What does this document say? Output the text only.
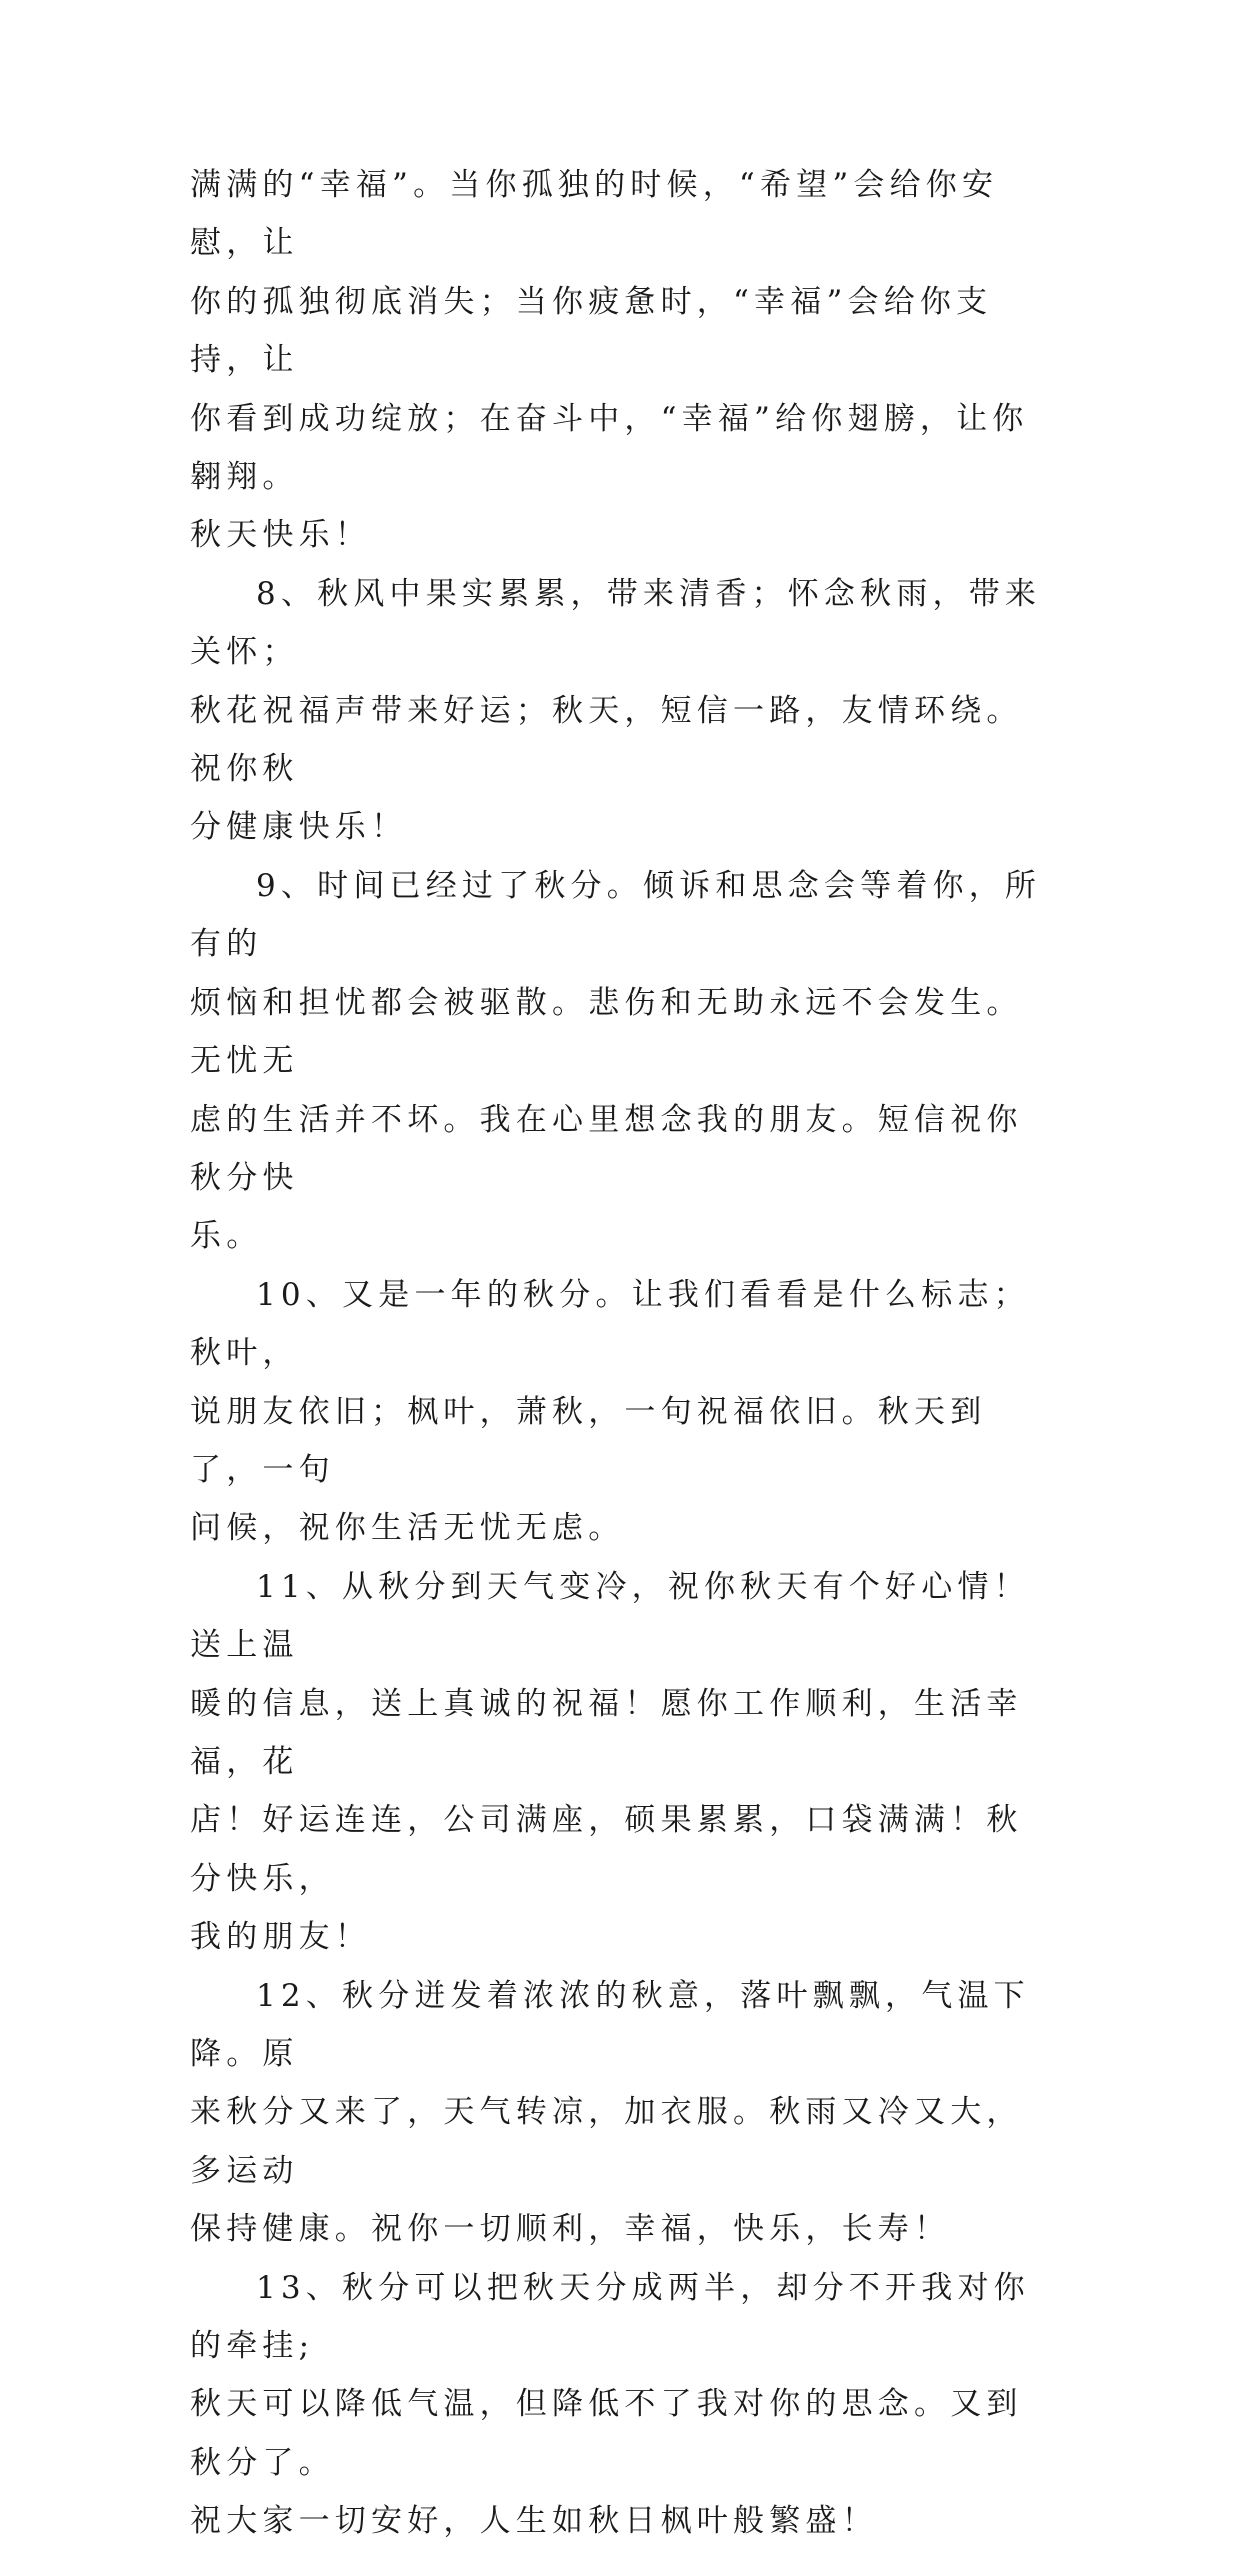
满满的“幸福”。当你孤独的时候，“希望”会给你安慰，让
你的孤独彻底消失；当你疲惫时，“幸福”会给你支持，让
你看到成功绽放；在奋斗中，“幸福”给你翅膀，让你翱翔。
秋天快乐！

8、秋风中果实累累，带来清香；怀念秋雨，带来关怀；
秋花祝福声带来好运；秋天，短信一路，友情环绕。祝你秋
分健康快乐！

9、时间已经过了秋分。倾诉和思念会等着你，所有的
烦恼和担忧都会被驱散。悲伤和无助永远不会发生。无忧无
虑的生活并不坏。我在心里想念我的朋友。短信祝你秋分快
乐。

10、又是一年的秋分。让我们看看是什么标志；秋叶，
说朋友依旧；枫叶，萧秋，一句祝福依旧。秋天到了，一句
问候，祝你生活无忧无虑。

11、从秋分到天气变冷，祝你秋天有个好心情！送上温
暖的信息，送上真诚的祝福！愿你工作顺利，生活幸福，花
店！好运连连，公司满座，硕果累累，口袋满满！秋分快乐，
我的朋友！

12、秋分迸发着浓浓的秋意，落叶飘飘，气温下降。原
来秋分又来了，天气转凉，加衣服。秋雨又冷又大，多运动
保持健康。祝你一切顺利，幸福，快乐，长寿！

13、秋分可以把秋天分成两半，却分不开我对你的牵挂;
秋天可以降低气温，但降低不了我对你的思念。又到秋分了。
祝大家一切安好，人生如秋日枫叶般繁盛！
